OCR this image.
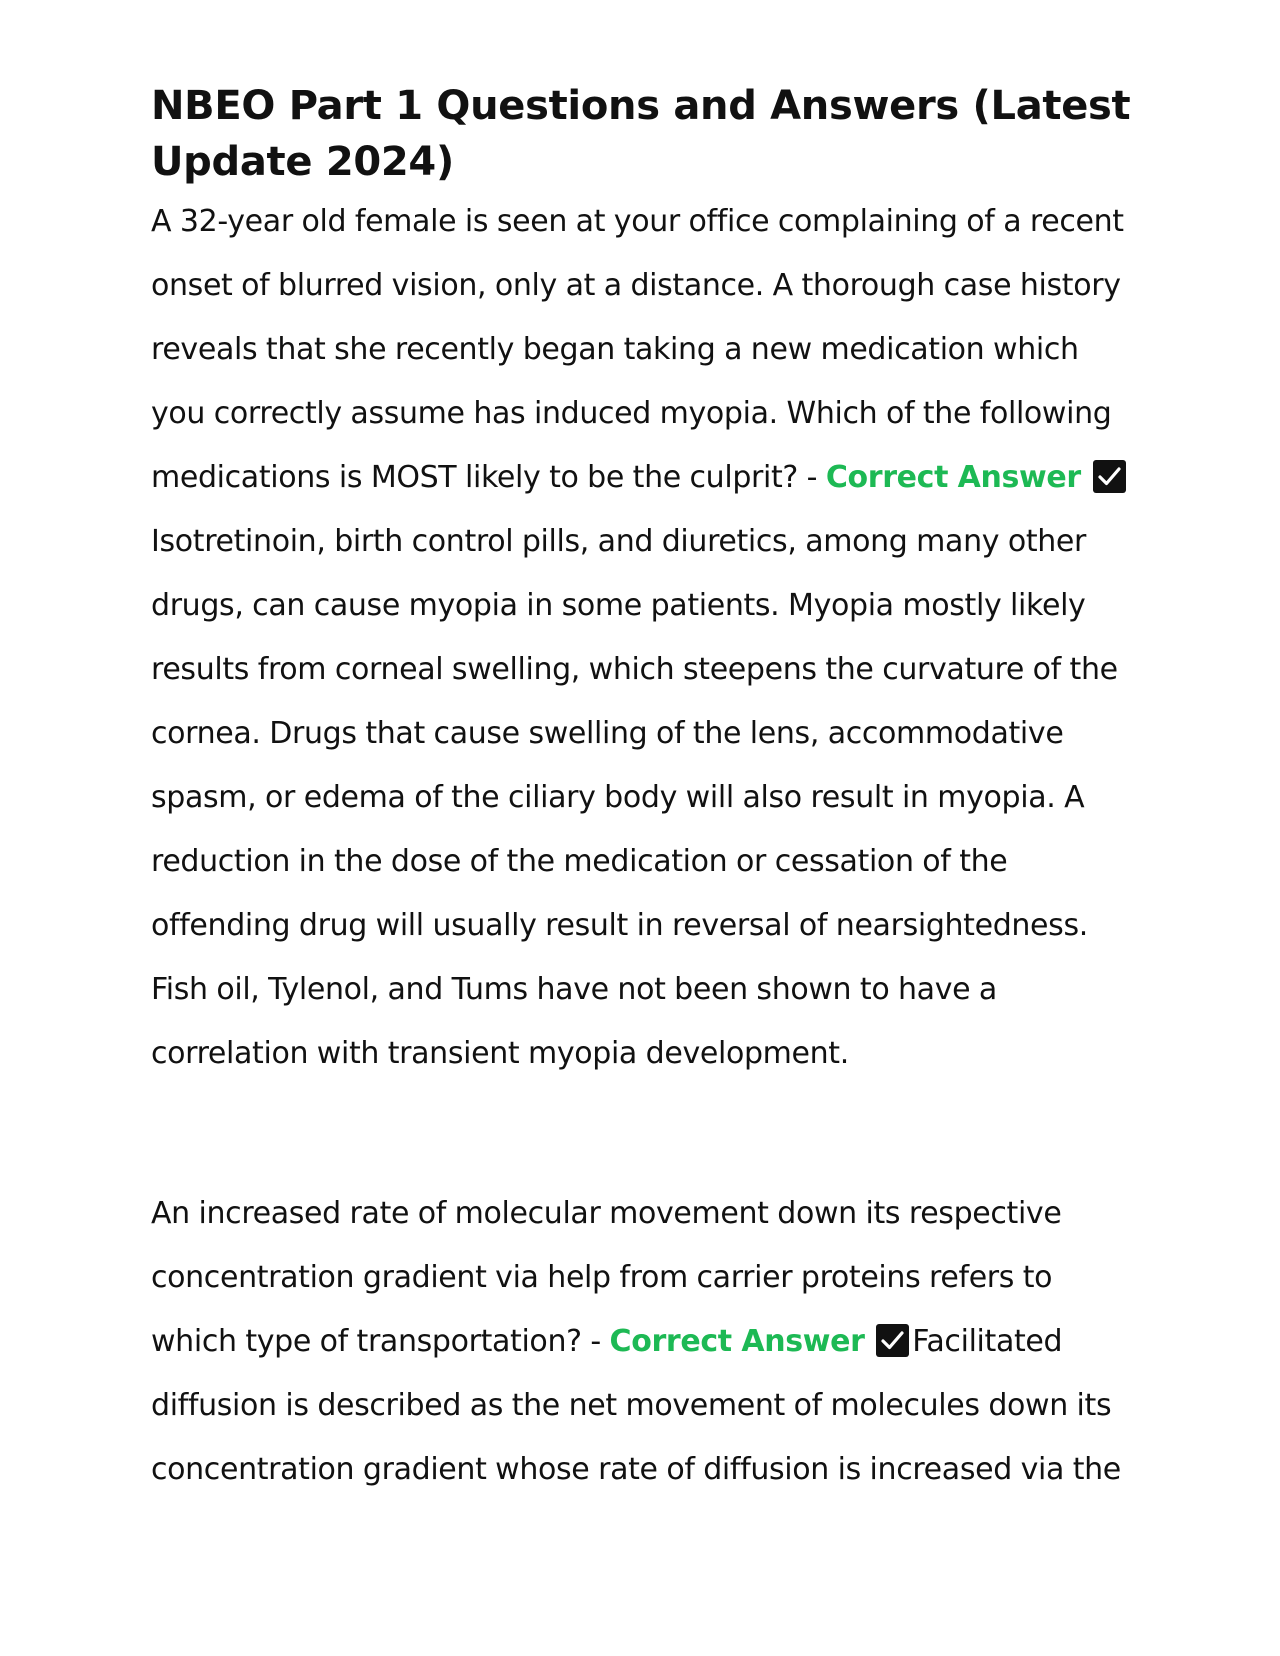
NBEO Part 1 Questions and Answers (Latest Update 2024)

A 32-year old female is seen at your office complaining of a recent onset of blurred vision, only at a distance. A thorough case history reveals that she recently began taking a new medication which you correctly assume has induced myopia. Which of the following medications is MOST likely to be the culprit? - Correct Answer
Isotretinoin, birth control pills, and diuretics, among many other drugs, can cause myopia in some patients. Myopia mostly likely results from corneal swelling, which steepens the curvature of the cornea. Drugs that cause swelling of the lens, accommodative spasm, or edema of the ciliary body will also result in myopia. A reduction in the dose of the medication or cessation of the offending drug will usually result in reversal of nearsightedness. Fish oil, Tylenol, and Tums have not been shown to have a correlation with transient myopia development.

An increased rate of molecular movement down its respective concentration gradient via help from carrier proteins refers to which type of transportation? - Correct Answer Facilitated diffusion is described as the net movement of molecules down its concentration gradient whose rate of diffusion is increased via the
